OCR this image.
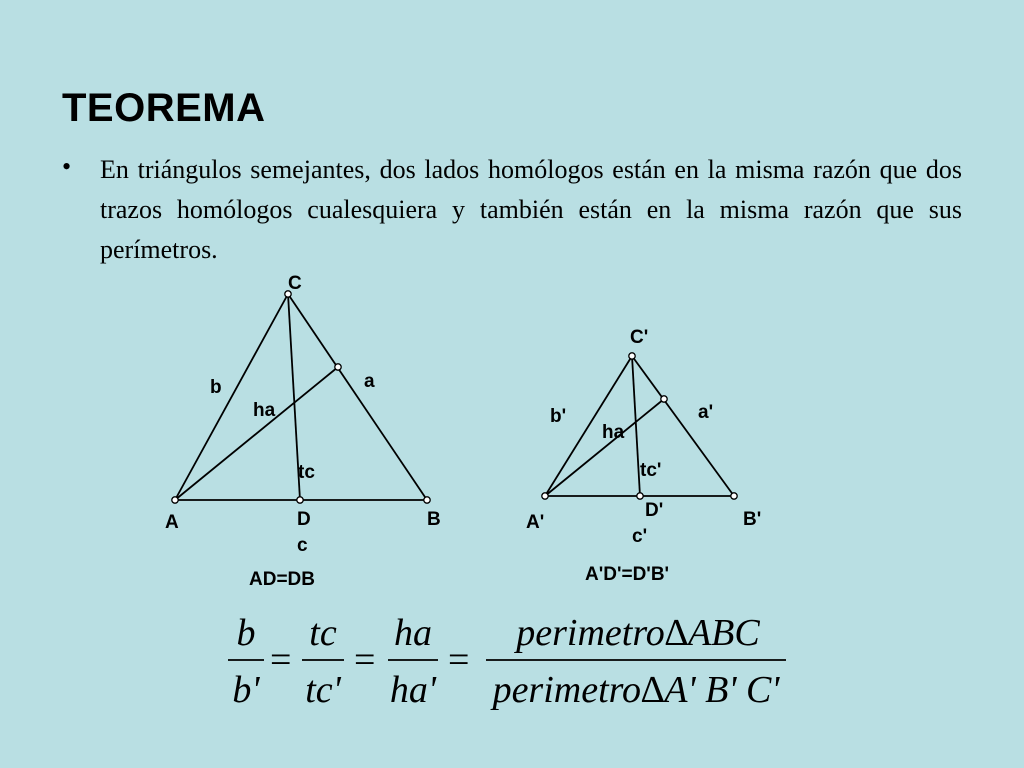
TEOREMA
• En triángulos semejantes, dos lados homólogos están en la misma razón que dos trazos homólogos cualesquiera y también están en la misma razón que sus perímetros.
C
a
b
ha
tc
A	D	B
c
AD=DB
C'
a'
b'
ha
tc'
A'
D'	B'
c'
A'D'=D'B'
b
b'
=
tc
tc'
=
ha
ha'
=
perimetro∆ABC
perimetro∆A' B' C'
